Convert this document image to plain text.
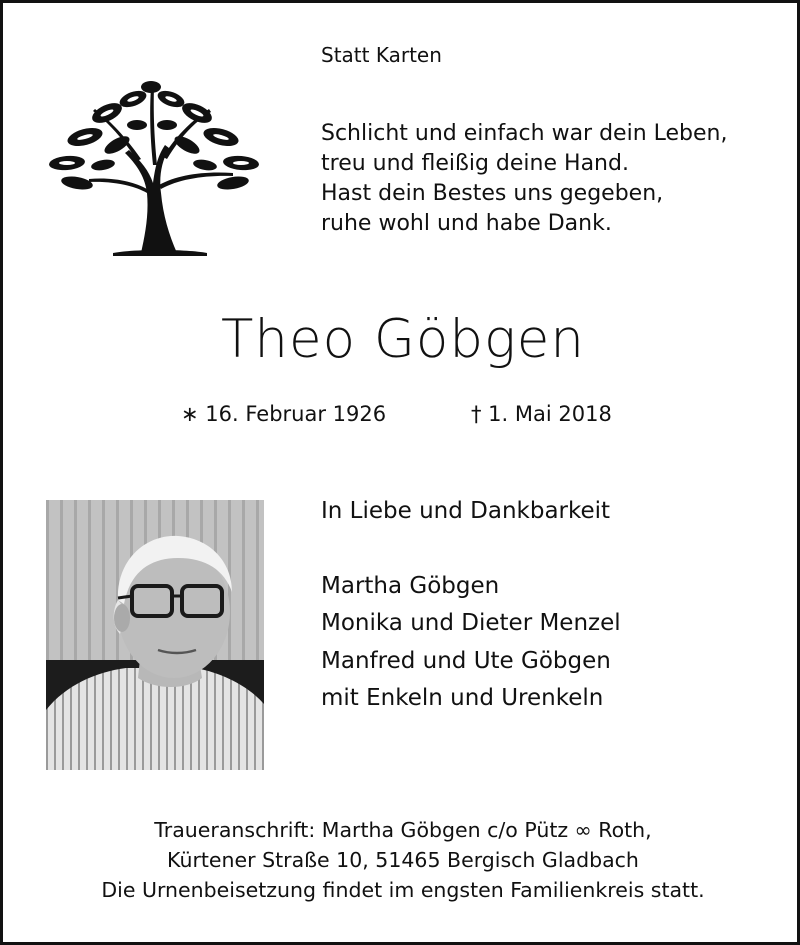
Statt Karten
Schlicht und einfach war dein Leben,
treu und fleißig deine Hand.
Hast dein Bestes uns gegeben,
ruhe wohl und habe Dank.
Theo Göbgen
∗ 16. Februar 1926	† 1. Mai 2018
In Liebe und Dankbarkeit
Martha Göbgen
Monika und Dieter Menzel
Manfred und Ute Göbgen
mit Enkeln und Urenkeln
Traueranschrift: Martha Göbgen c/o Pütz ∞ Roth,
Kürtener Straße 10, 51465 Bergisch Gladbach
Die Urnenbeisetzung findet im engsten Familienkreis statt.
